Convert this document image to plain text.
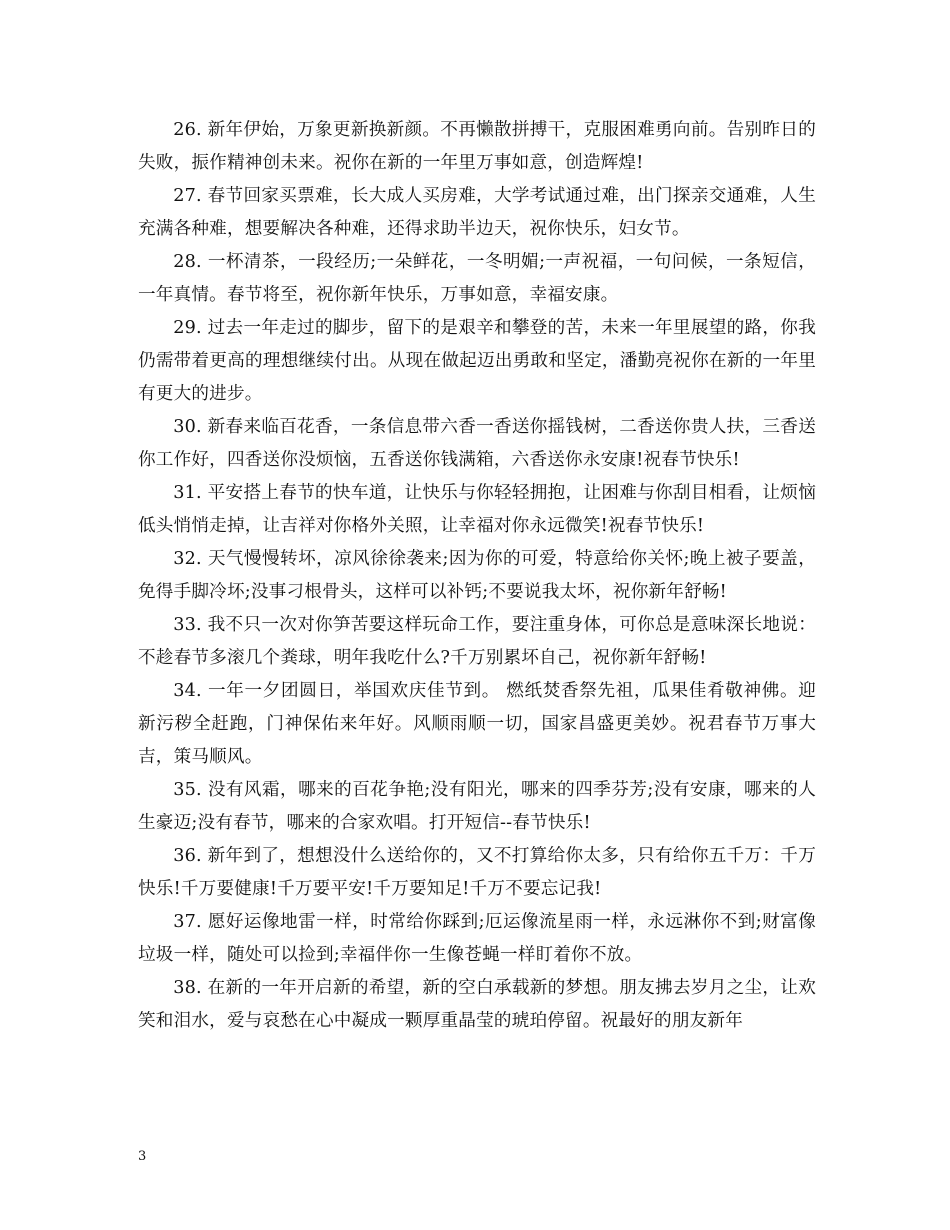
26. 新年伊始，万象更新换新颜。不再懒散拼搏干，克服困难勇向前。告别昨日的失败，振作精神创未来。祝你在新的一年里万事如意，创造辉煌!

27. 春节回家买票难，长大成人买房难，大学考试通过难，出门探亲交通难，人生充满各种难，想要解决各种难，还得求助半边天，祝你快乐，妇女节。

28. 一杯清茶，一段经历;一朵鲜花，一冬明媚;一声祝福，一句问候，一条短信，一年真情。春节将至，祝你新年快乐，万事如意，幸福安康。

29. 过去一年走过的脚步，留下的是艰辛和攀登的苦，未来一年里展望的路，你我仍需带着更高的理想继续付出。从现在做起迈出勇敢和坚定，潘勤亮祝你在新的一年里有更大的进步。

30. 新春来临百花香，一条信息带六香一香送你摇钱树，二香送你贵人扶，三香送你工作好，四香送你没烦恼，五香送你钱满箱，六香送你永安康!祝春节快乐!

31. 平安搭上春节的快车道，让快乐与你轻轻拥抱，让困难与你刮目相看，让烦恼低头悄悄走掉，让吉祥对你格外关照，让幸福对你永远微笑!祝春节快乐!

32. 天气慢慢转坏，凉风徐徐袭来;因为你的可爱，特意给你关怀;晚上被子要盖，免得手脚冷坏;没事刁根骨头，这样可以补钙;不要说我太坏，祝你新年舒畅!

33. 我不只一次对你笋苦要这样玩命工作，要注重身体，可你总是意味深长地说：不趁春节多滚几个粪球，明年我吃什么?千万别累坏自己，祝你新年舒畅!

34. 一年一夕团圆日，举国欢庆佳节到。 燃纸焚香祭先祖，瓜果佳肴敬神佛。迎新污秽全赶跑，门神保佑来年好。风顺雨顺一切，国家昌盛更美妙。祝君春节万事大吉，策马顺风。

35. 没有风霜，哪来的百花争艳;没有阳光，哪来的四季芬芳;没有安康，哪来的人生豪迈;没有春节，哪来的合家欢唱。打开短信--春节快乐!

36. 新年到了，想想没什么送给你的，又不打算给你太多，只有给你五千万：千万快乐!千万要健康!千万要平安!千万要知足!千万不要忘记我!

37. 愿好运像地雷一样，时常给你踩到;厄运像流星雨一样，永远淋你不到;财富像垃圾一样，随处可以捡到;幸福伴你一生像苍蝇一样盯着你不放。

38. 在新的一年开启新的希望，新的空白承载新的梦想。朋友拂去岁月之尘，让欢笑和泪水，爱与哀愁在心中凝成一颗厚重晶莹的琥珀停留。祝最好的朋友新年

3
